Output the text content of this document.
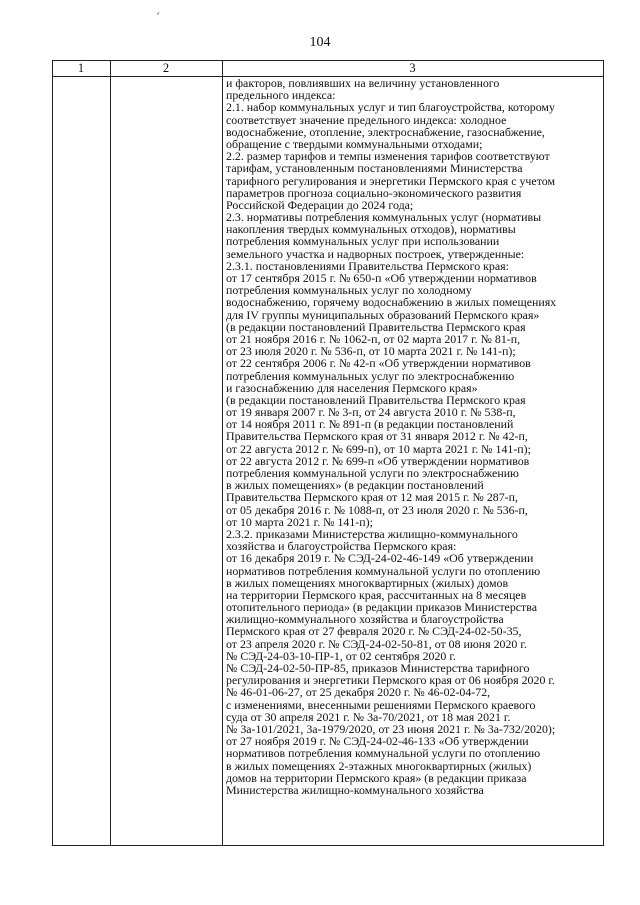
´
104
1	2	3
и факторов, повлиявших на величину установленного
предельного индекса:
2.1. набор коммунальных услуг и тип благоустройства, которому
соответствует значение предельного индекса: холодное
водоснабжение, отопление, электроснабжение, газоснабжение,
обращение с твердыми коммунальными отходами;
2.2. размер тарифов и темпы изменения тарифов соответствуют
тарифам, установленным постановлениями Министерства
тарифного регулирования и энергетики Пермского края с учетом
параметров прогноза социально-экономического развития
Российской Федерации до 2024 года;
2.3. нормативы потребления коммунальных услуг (нормативы
накопления твердых коммунальных отходов), нормативы
потребления коммунальных услуг при использовании
земельного участка и надворных построек, утвержденные:
2.3.1. постановлениями Правительства Пермского края:
от 17 сентября 2015 г. № 650-п «Об утверждении нормативов
потребления коммунальных услуг по холодному
водоснабжению, горячему водоснабжению в жилых помещениях
для IV группы муниципальных образований Пермского края»
(в редакции постановлений Правительства Пермского края
от 21 ноября 2016 г. № 1062-п, от 02 марта 2017 г. № 81-п,
от 23 июля 2020 г. № 536-п, от 10 марта 2021 г. № 141-п);
от 22 сентября 2006 г. № 42-п «Об утверждении нормативов
потребления коммунальных услуг по электроснабжению
и газоснабжению для населения Пермского края»
(в редакции постановлений Правительства Пермского края
от 19 января 2007 г. № 3-п, от 24 августа 2010 г. № 538-п,
от 14 ноября 2011 г. № 891-п (в редакции постановлений
Правительства Пермского края от 31 января 2012 г. № 42-п,
от 22 августа 2012 г. № 699-п), от 10 марта 2021 г. № 141-п);
от 22 августа 2012 г. № 699-п «Об утверждении нормативов
потребления коммунальной услуги по электроснабжению
в жилых помещениях» (в редакции постановлений
Правительства Пермского края от 12 мая 2015 г. № 287-п,
от 05 декабря 2016 г. № 1088-п, от 23 июля 2020 г. № 536-п,
от 10 марта 2021 г. № 141-п);
2.3.2. приказами Министерства жилищно-коммунального
хозяйства и благоустройства Пермского края:
от 16 декабря 2019 г. № СЭД-24-02-46-149 «Об утверждении
нормативов потребления коммунальной услуги по отоплению
в жилых помещениях многоквартирных (жилых) домов
на территории Пермского края, рассчитанных на 8 месяцев
отопительного периода» (в редакции приказов Министерства
жилищно-коммунального хозяйства и благоустройства
Пермского края от 27 февраля 2020 г. № СЭД-24-02-50-35,
от 23 апреля 2020 г. № СЭД-24-02-50-81, от 08 июня 2020 г.
№ СЭД-24-03-10-ПР-1, от 02 сентября 2020 г.
№ СЭД-24-02-50-ПР-85, приказов Министерства тарифного
регулирования и энергетики Пермского края от 06 ноября 2020 г.
№ 46-01-06-27, от 25 декабря 2020 г. № 46-02-04-72,
с изменениями, внесенными решениями Пермского краевого
суда от 30 апреля 2021 г. № 3а-70/2021, от 18 мая 2021 г.
№ 3а-101/2021, 3а-1979/2020, от 23 июня 2021 г. № 3а-732/2020);
от 27 ноября 2019 г. № СЭД-24-02-46-133 «Об утверждении
нормативов потребления коммунальной услуги по отоплению
в жилых помещениях 2-этажных многоквартирных (жилых)
домов на территории Пермского края» (в редакции приказа
Министерства жилищно-коммунального хозяйства
